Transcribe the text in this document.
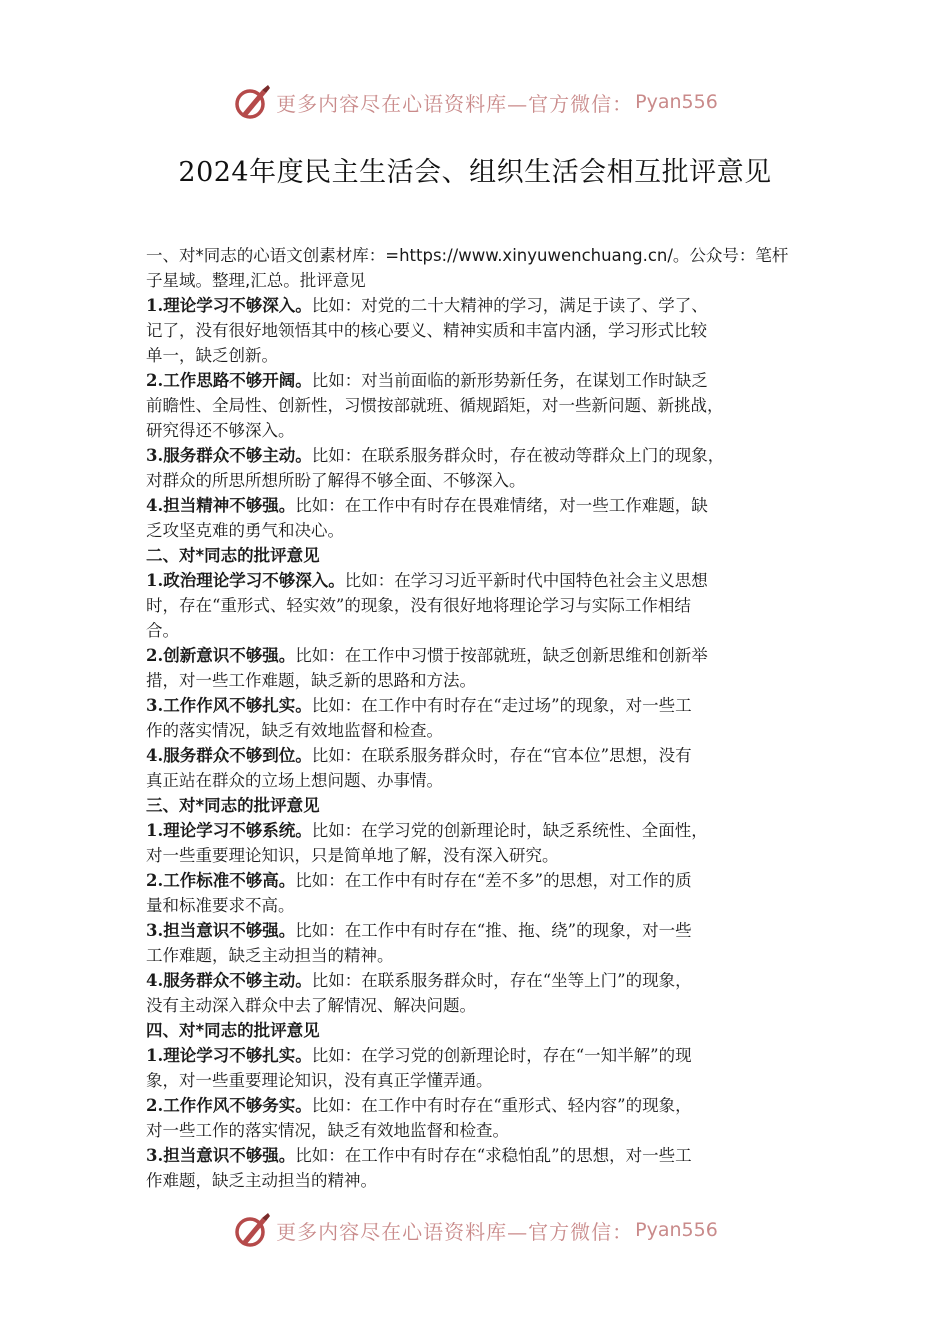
更多内容尽在心语资料库—官方微信： Pyan556
2024年度民主生活会、组织生活会相互批评意见
一、对*同志的心语文创素材库：=https://www.xinyuwenchuang.cn/。公众号：笔杆
子星域。整理,汇总。批评意见
1.理论学习不够深入。比如：对党的二十大精神的学习，满足于读了、学了、
记了，没有很好地领悟其中的核心要义、精神实质和丰富内涵，学习形式比较
单一，缺乏创新。
2.工作思路不够开阔。比如：对当前面临的新形势新任务，在谋划工作时缺乏
前瞻性、全局性、创新性，习惯按部就班、循规蹈矩，对一些新问题、新挑战，
研究得还不够深入。
3.服务群众不够主动。比如：在联系服务群众时，存在被动等群众上门的现象，
对群众的所思所想所盼了解得不够全面、不够深入。
4.担当精神不够强。比如：在工作中有时存在畏难情绪，对一些工作难题，缺
乏攻坚克难的勇气和决心。
二、对*同志的批评意见
1.政治理论学习不够深入。比如：在学习习近平新时代中国特色社会主义思想
时，存在“重形式、轻实效”的现象，没有很好地将理论学习与实际工作相结
合。
2.创新意识不够强。比如：在工作中习惯于按部就班，缺乏创新思维和创新举
措，对一些工作难题，缺乏新的思路和方法。
3.工作作风不够扎实。比如：在工作中有时存在“走过场”的现象，对一些工
作的落实情况，缺乏有效地监督和检查。
4.服务群众不够到位。比如：在联系服务群众时，存在“官本位”思想，没有
真正站在群众的立场上想问题、办事情。
三、对*同志的批评意见
1.理论学习不够系统。比如：在学习党的创新理论时，缺乏系统性、全面性，
对一些重要理论知识，只是简单地了解，没有深入研究。
2.工作标准不够高。比如：在工作中有时存在“差不多”的思想，对工作的质
量和标准要求不高。
3.担当意识不够强。比如：在工作中有时存在“推、拖、绕”的现象，对一些
工作难题，缺乏主动担当的精神。
4.服务群众不够主动。比如：在联系服务群众时，存在“坐等上门”的现象，
没有主动深入群众中去了解情况、解决问题。
四、对*同志的批评意见
1.理论学习不够扎实。比如：在学习党的创新理论时，存在“一知半解”的现
象，对一些重要理论知识，没有真正学懂弄通。
2.工作作风不够务实。比如：在工作中有时存在“重形式、轻内容”的现象，
对一些工作的落实情况，缺乏有效地监督和检查。
3.担当意识不够强。比如：在工作中有时存在“求稳怕乱”的思想，对一些工
作难题，缺乏主动担当的精神。
更多内容尽在心语资料库—官方微信： Pyan556
